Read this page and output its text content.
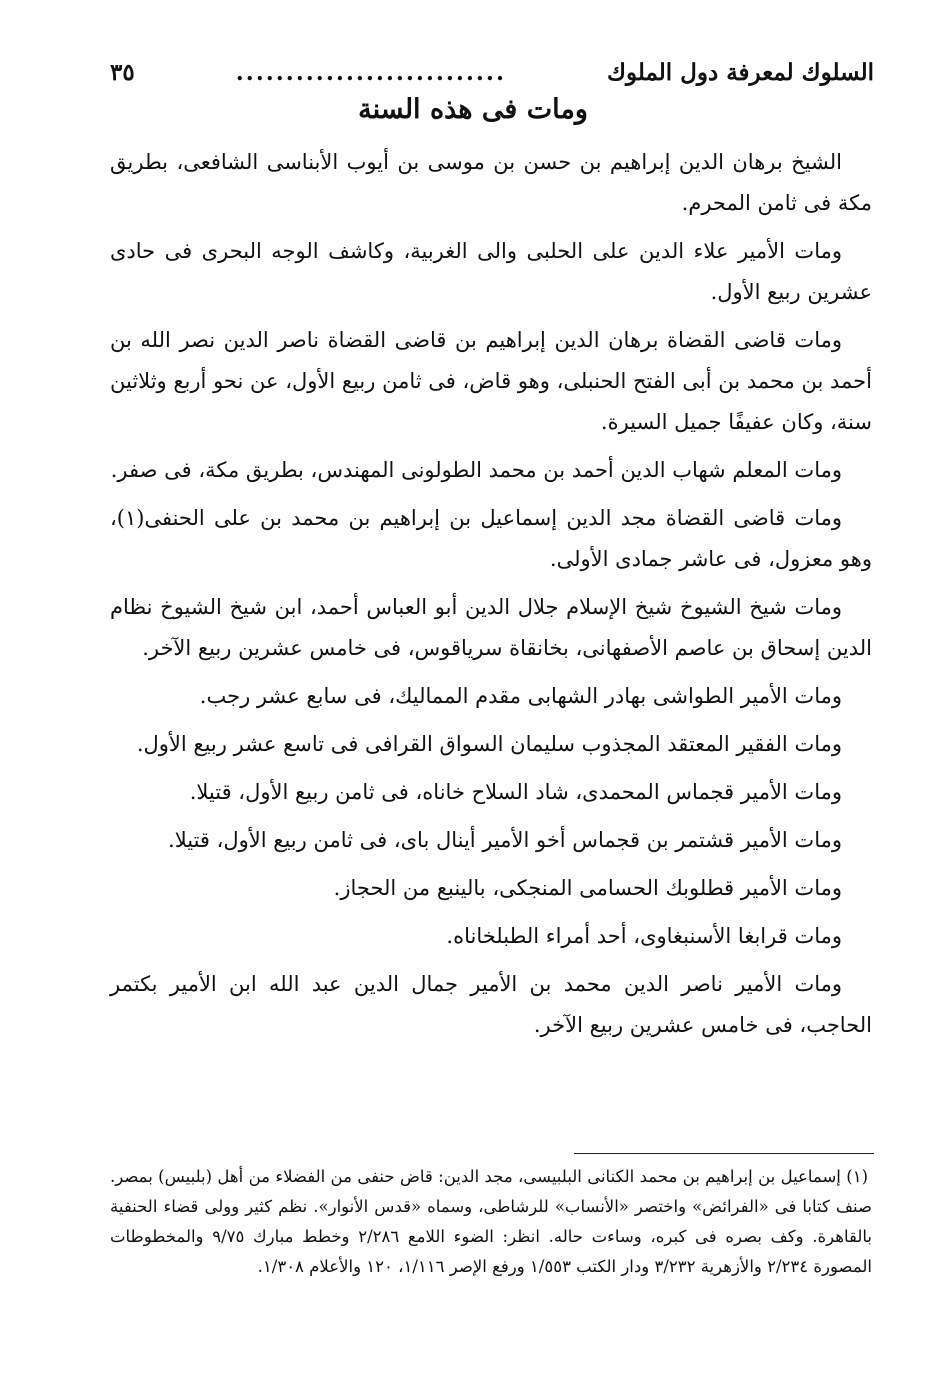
السلوك لمعرفة دول الملوك
...........................
٣٥
ومات فى هذه السنة

الشيخ برهان الدين إبراهيم بن حسن بن موسى بن أيوب الأبناسى الشافعى، بطريق مكة فى ثامن المحرم.

ومات الأمير علاء الدين على الحلبى والى الغربية، وكاشف الوجه البحرى فى حادى عشرين ربيع الأول.

ومات قاضى القضاة برهان الدين إبراهيم بن قاضى القضاة ناصر الدين نصر الله بن أحمد بن محمد بن أبى الفتح الحنبلى، وهو قاض، فى ثامن ربيع الأول، عن نحو أربع وثلاثين سنة، وكان عفيفًا جميل السيرة.

ومات المعلم شهاب الدين أحمد بن محمد الطولونى المهندس، بطريق مكة، فى صفر.

ومات قاضى القضاة مجد الدين إسماعيل بن إبراهيم بن محمد بن على الحنفى(١)، وهو معزول، فى عاشر جمادى الأولى.

ومات شيخ الشيوخ شيخ الإسلام جلال الدين أبو العباس أحمد، ابن شيخ الشيوخ نظام الدين إسحاق بن عاصم الأصفهانى، بخانقاة سرياقوس، فى خامس عشرين ربيع الآخر.

ومات الأمير الطواشى بهادر الشهابى مقدم المماليك، فى سابع عشر رجب.

ومات الفقير المعتقد المجذوب سليمان السواق القرافى فى تاسع عشر ربيع الأول.

ومات الأمير قجماس المحمدى، شاد السلاح خاناه، فى ثامن ربيع الأول، قتيلا.

ومات الأمير قشتمر بن قجماس أخو الأمير أينال باى، فى ثامن ربيع الأول، قتيلا.

ومات الأمير قطلوبك الحسامى المنجكى، بالينبع من الحجاز.

ومات قرابغا الأسنبغاوى، أحد أمراء الطبلخاناه.

ومات الأمير ناصر الدين محمد بن الأمير جمال الدين عبد الله ابن الأمير بكتمر الحاجب، فى خامس عشرين ربيع الآخر.

(١) إسماعيل بن إبراهيم بن محمد الكنانى البلبيسى، مجد الدين: قاض حنفى من الفضلاء من أهل (بلبيس) بمصر. صنف كتابا فى «الفرائض» واختصر «الأنساب» للرشاطى، وسماه «قدس الأنوار». نظم كثير وولى قضاء الحنفية بالقاهرة. وكف بصره فى كبره، وساءت حاله. انظر: الضوء اللامع ٢/٢٨٦ وخطط مبارك ٩/٧٥ والمخطوطات المصورة ٢/٢٣٤ والأزهرية ٣/٢٣٢ ودار الكتب ١/٥٥٣ ورفع الإصر ١/١١٦، ١٢٠ والأعلام ١/٣٠٨.
